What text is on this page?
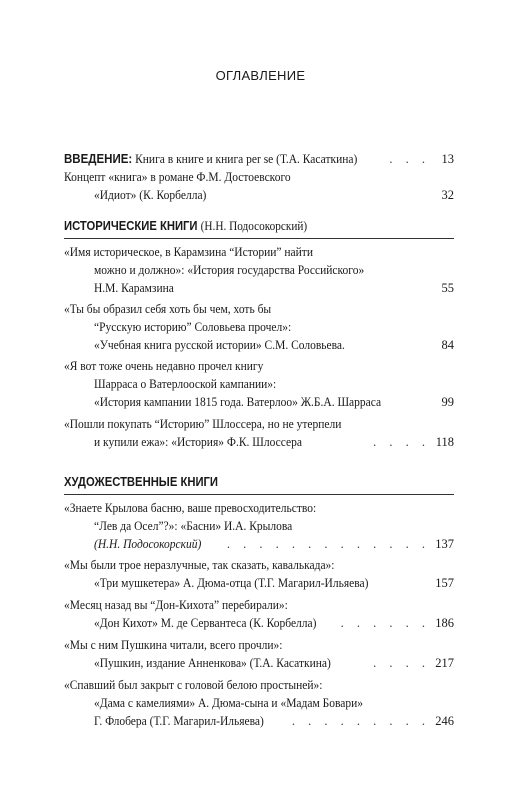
ОГЛАВЛЕНИЕ
ВВЕДЕНИЕ: Книга в книге и книга per se (Т.А. Касаткина)	. . . 13
Концепт «книга» в романе Ф.М. Достоевского
«Идиот» (К. Корбелла)	32
ИСТОРИЧЕСКИЕ КНИГИ (Н.Н. Подосокорский)
«Имя историческое, в Карамзина “Истории” найти
можно и должно»: «История государства Российского»
Н.М. Карамзина	55
«Ты бы образил себя хоть бы чем, хоть бы
“Русскую историю” Соловьева прочел»:
«Учебная книга русской истории» С.М. Соловьева.	84
«Я вот тоже очень недавно прочел книгу
Шарраса о Ватерлооской кампании»:
«История кампании 1815 года. Ватерлоо» Ж.Б.А. Шарраса	99
«Пошли покупать “Историю” Шлоссера, но не утерпели
и купили ежа»: «История» Ф.К. Шлоссера	. . . . 118
ХУДОЖЕСТВЕННЫЕ КНИГИ
«Знаете Крылова басню, ваше превосходительство:
“Лев да Осел”?»: «Басни» И.А. Крылова
(Н.Н. Подосокорский) . . . . . . . . . . . . . 137
«Мы были трое неразлучные, так сказать, кавалькада»:
«Три мушкетера» А. Дюма-отца (Т.Г. Магарил-Ильяева)	157
«Месяц назад вы “Дон-Кихота” перебирали»:
«Дон Кихот» М. де Сервантеса (К. Корбелла) . . . . . . 186
«Мы с ним Пушкина читали, всего прочли»:
«Пушкин, издание Анненкова» (Т.А. Касаткина)	. . . . 217
«Спавший был закрыт с головой белою простыней»:
«Дама с камелиями» А. Дюма-сына и «Мадам Бовари»
Г. Флобера (Т.Г. Магарил-Ильяева) . . . . . . . . . 246
